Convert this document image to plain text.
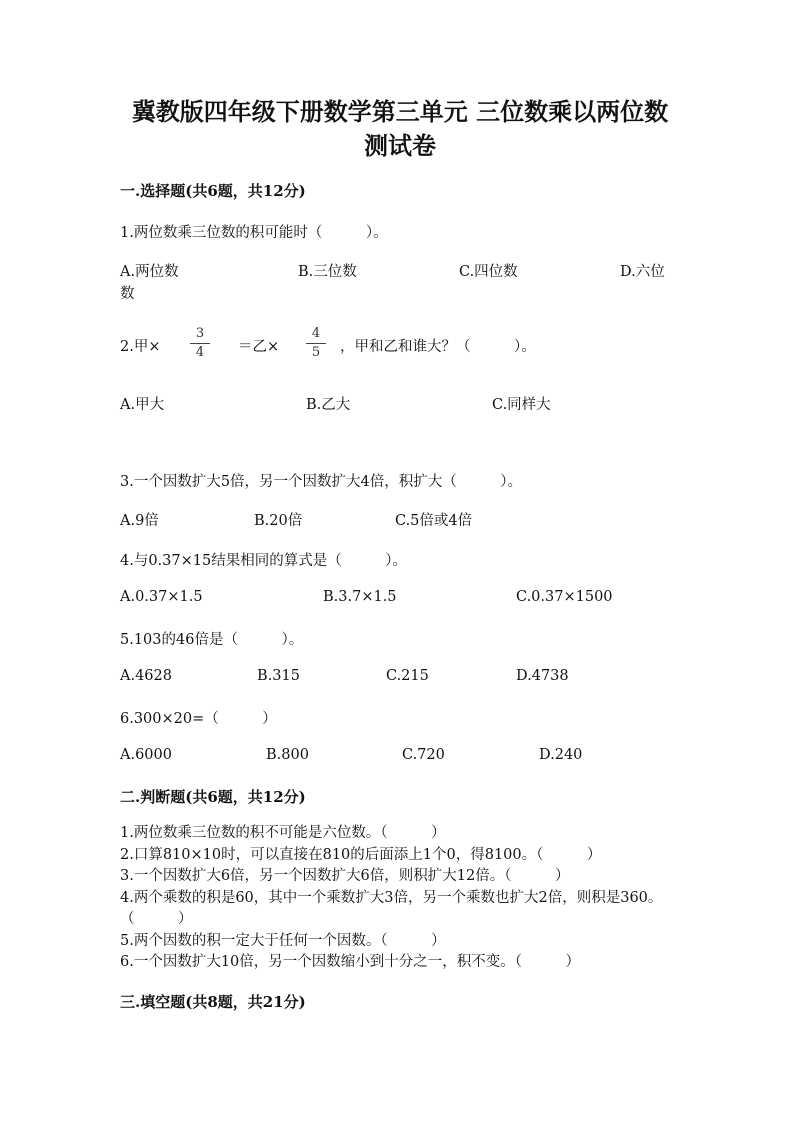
冀教版四年级下册数学第三单元 三位数乘以两位数
测试卷
一.选择题(共6题，共12分)
1.两位数乘三位数的积可能时（　　　）。
A.两位数	B.三位数	C.四位数	D.六位
数
2.甲×
3
4	＝乙×
4
5	，甲和乙和谁大？（　　　）。
A.甲大	B.乙大	C.同样大
3.一个因数扩大5倍，另一个因数扩大4倍，积扩大（　　　）。
A.9倍	B.20倍	C.5倍或4倍
4.与0.37×15结果相同的算式是（　　　）。
A.0.37×1.5	B.3.7×1.5	C.0.37×1500
5.103的46倍是（　　　）。
A.4628	B.315	C.215	D.4738
6.300×20=（　　　）
A.6000	B.800	C.720	D.240
二.判断题(共6题，共12分)
1.两位数乘三位数的积不可能是六位数。（　　　）
2.口算810×10时，可以直接在810的后面添上1个0，得8100。（　　　）
3.一个因数扩大6倍，另一个因数扩大6倍，则积扩大12倍。（　　　）
4.两个乘数的积是60，其中一个乘数扩大3倍，另一个乘数也扩大2倍，则积是360。（　　　）
5.两个因数的积一定大于任何一个因数。（　　　）
6.一个因数扩大10倍，另一个因数缩小到十分之一，积不变。（　　　）
三.填空题(共8题，共21分)
